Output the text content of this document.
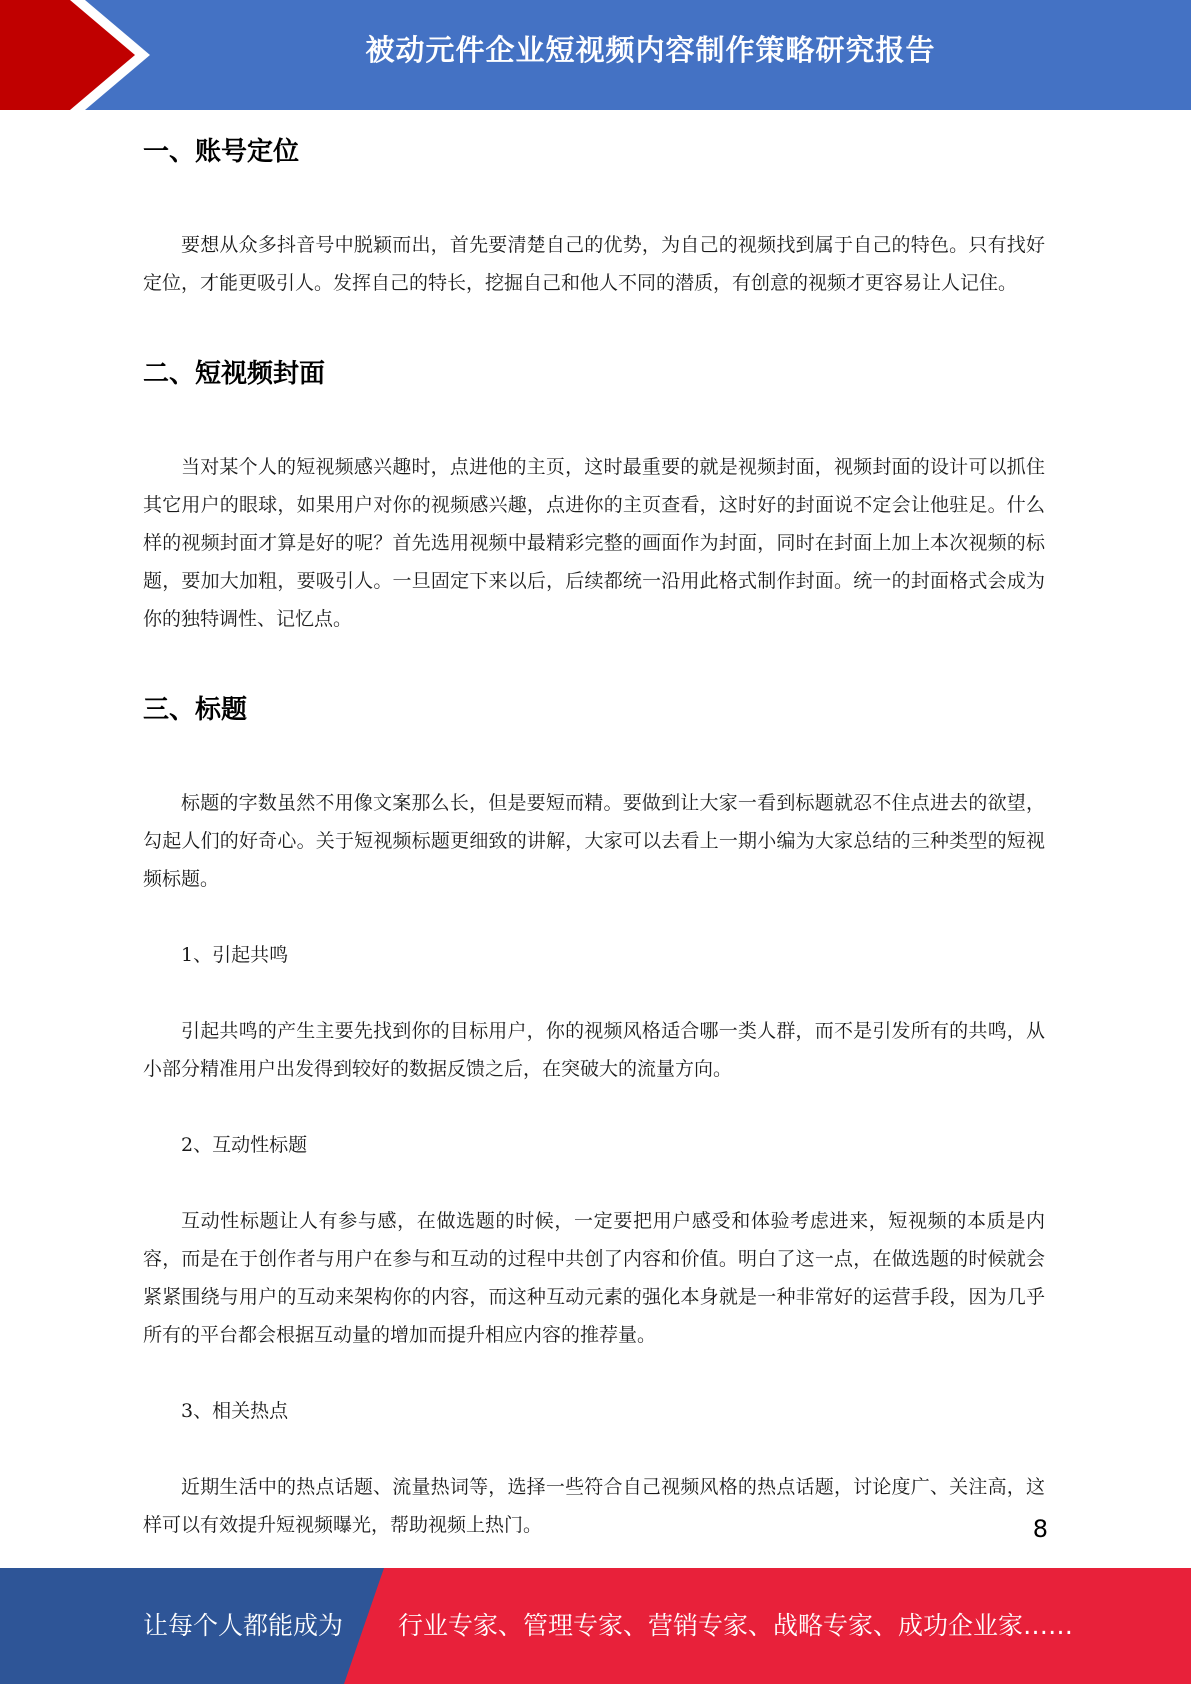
被动元件企业短视频内容制作策略研究报告
一、账号定位

要想从众多抖音号中脱颖而出，首先要清楚自己的优势，为自己的视频找到属于自己的特色。只有找好定位，才能更吸引人。发挥自己的特长，挖掘自己和他人不同的潜质，有创意的视频才更容易让人记住。

二、短视频封面

当对某个人的短视频感兴趣时，点进他的主页，这时最重要的就是视频封面，视频封面的设计可以抓住其它用户的眼球，如果用户对你的视频感兴趣，点进你的主页查看，这时好的封面说不定会让他驻足。什么样的视频封面才算是好的呢？首先选用视频中最精彩完整的画面作为封面，同时在封面上加上本次视频的标题，要加大加粗，要吸引人。一旦固定下来以后，后续都统一沿用此格式制作封面。统一的封面格式会成为你的独特调性、记忆点。

三、标题

标题的字数虽然不用像文案那么长，但是要短而精。要做到让大家一看到标题就忍不住点进去的欲望，勾起人们的好奇心。关于短视频标题更细致的讲解，大家可以去看上一期小编为大家总结的三种类型的短视频标题。

1、引起共鸣

引起共鸣的产生主要先找到你的目标用户，你的视频风格适合哪一类人群，而不是引发所有的共鸣，从小部分精准用户出发得到较好的数据反馈之后，在突破大的流量方向。

2、互动性标题

互动性标题让人有参与感，在做选题的时候，一定要把用户感受和体验考虑进来，短视频的本质是内容，而是在于创作者与用户在参与和互动的过程中共创了内容和价值。明白了这一点，在做选题的时候就会紧紧围绕与用户的互动来架构你的内容，而这种互动元素的强化本身就是一种非常好的运营手段，因为几乎所有的平台都会根据互动量的增加而提升相应内容的推荐量。

3、相关热点

近期生活中的热点话题、流量热词等，选择一些符合自己视频风格的热点话题，讨论度广、关注高，这样可以有效提升短视频曝光，帮助视频上热门。	8
让每个人都能成为 行业专家、管理专家、营销专家、战略专家、成功企业家……
